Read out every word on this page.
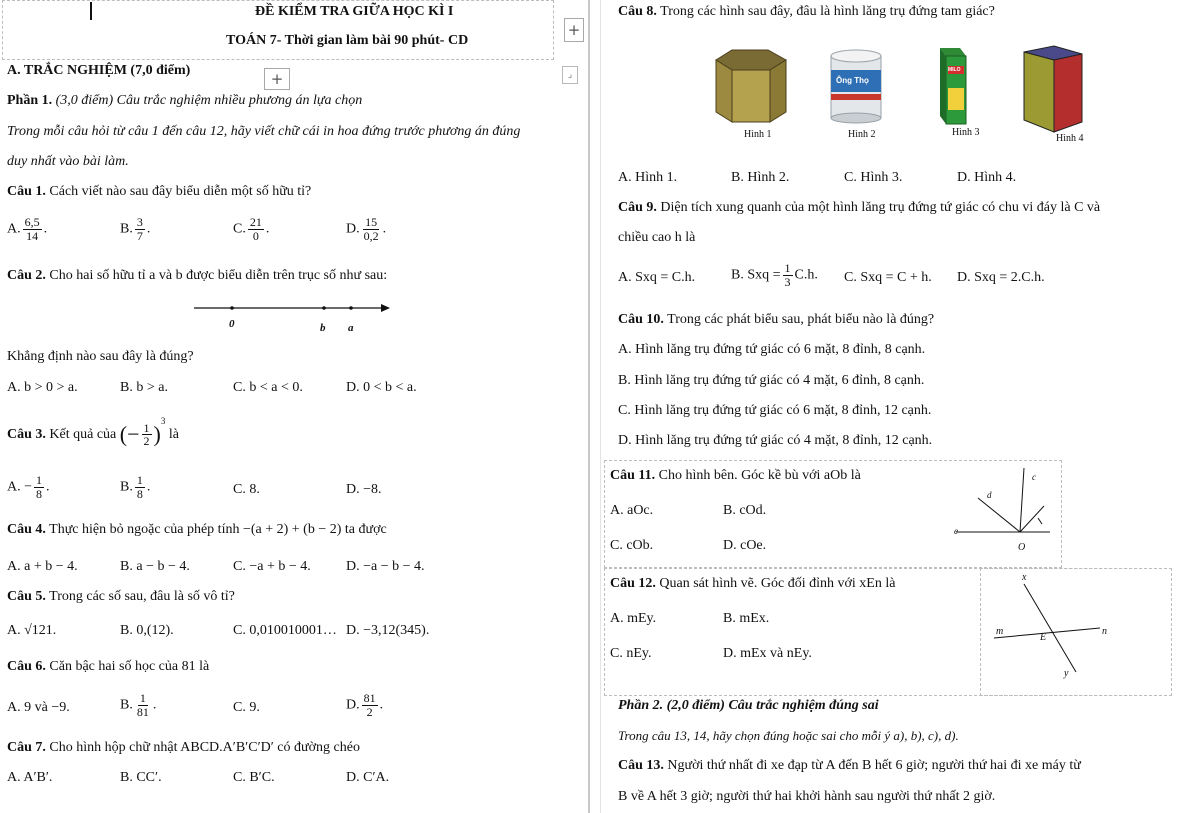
ĐỀ KIỂM TRA GIỮA HỌC KÌ I
TOÁN 7- Thời gian làm bài 90 phút- CD
+
+	⌟
A. TRẮC NGHIỆM (7,0 điểm)
Phần 1. (3,0 điểm) Câu trắc nghiệm nhiều phương án lựa chọn
Trong mỗi câu hỏi từ câu 1 đến câu 12, hãy viết chữ cái in hoa đứng trước phương án đúng
duy nhất vào bài làm.
Câu 1. Cách viết nào sau đây biểu diễn một số hữu tỉ?
A. $\frac{6,5}{14}$ .	B. $\frac{3}{7}$ .	C. $\frac{21}{0}$ .	D. $\frac{15}{0,2}$ .
Câu 2. Cho hai số hữu tỉ a và b được biểu diễn trên trục số như sau:
0	b a
Khẳng định nào sau đây là đúng?
A. b > 0 > a.	B. b > a.	C. b < a < 0.	D. 0 < b < a.
Câu 3. Kết quả của (− $\frac{1}{2} )^3$ là
A. − $\frac{1}{8}$ .	B. $\frac{1}{8}$ .	C. 8.	D. −8.
Câu 4. Thực hiện bỏ ngoặc của phép tính −(a + 2) + (b − 2) ta được
A. a + b − 4.	B. a − b − 4.	C. −a + b − 4.	D. −a − b − 4.
Câu 5. Trong các số sau, đâu là số vô tỉ?
A. √121.	B. 0,(12).	C. 0,010010001… D. −3,12(345).
Câu 6. Căn bậc hai số học của 81 là
A. 9 và −9.	B. $\frac{1}{81}$ .	C. 9.	D. $\frac{81}{2}$ .
Câu 7. Cho hình hộp chữ nhật ABCD.A′B′C′D′ có đường chéo
A. A′B′.	B. CC′.	C. B′C.	D. C′A.
Câu 8. Trong các hình sau đây, đâu là hình lăng trụ đứng tam giác?
Hình 1
Ông Thọ
Hình 2
MILO
Hình 3
Hình 4
A. Hình 1.	B. Hình 2.	C. Hình 3.	D. Hình 4.
Câu 9. Diện tích xung quanh của một hình lăng trụ đứng tứ giác có chu vi đáy là C và
chiều cao h là
A. Sxq = C.h.	B. Sxq = $\frac{1}{3} C.h$. C. Sxq = C + h. D. Sxq = 2.C.h.
Câu 10. Trong các phát biểu sau, phát biểu nào là đúng?
A. Hình lăng trụ đứng tứ giác có 6 mặt, 8 đỉnh, 8 cạnh.
B. Hình lăng trụ đứng tứ giác có 4 mặt, 6 đỉnh, 8 cạnh.
C. Hình lăng trụ đứng tứ giác có 6 mặt, 8 đỉnh, 12 cạnh.
D. Hình lăng trụ đứng tứ giác có 4 mặt, 8 đỉnh, 12 cạnh.
Câu 11. Cho hình bên. Góc kề bù với aOb là
A. aOc.	B. cOd.
C. cOb.	D. cOe.
c
d
e
O
Câu 12. Quan sát hình vẽ. Góc đối đỉnh với xEn là
A. mEy.	B. mEx.
C. nEy.	D. mEx và nEy.
x
m
E
n
y
Phần 2. (2,0 điểm) Câu trắc nghiệm đúng sai
Trong câu 13, 14, hãy chọn đúng hoặc sai cho mỗi ý a), b), c), d).
Câu 13. Người thứ nhất đi xe đạp từ A đến B hết 6 giờ; người thứ hai đi xe máy từ
B về A hết 3 giờ; người thứ hai khởi hành sau người thứ nhất 2 giờ.
